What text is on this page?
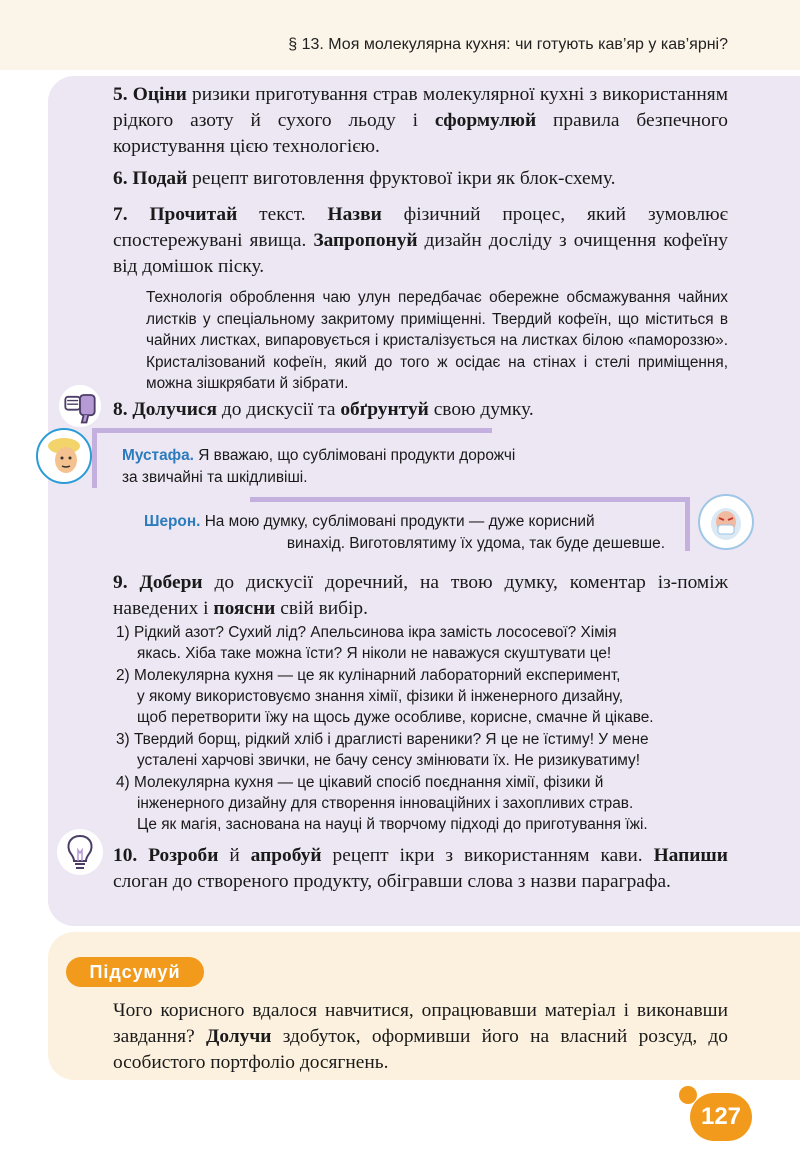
§ 13. Моя молекулярна кухня: чи готують кав’яр у кав’ярні?
5. Оціни ризики приготування страв молекулярної кухні з використанням рідкого азоту й сухого льоду і сформулюй правила безпечного користування цією технологією.
6. Подай рецепт виготовлення фруктової ікри як блок-схему.
7. Прочитай текст. Назви фізичний процес, який зумовлює спостережувані явища. Запропонуй дизайн досліду з очищення кофеїну від домішок піску.
Технологія оброблення чаю улун передбачає обережне обсмажування чайних листків у спеціальному закритому приміщенні. Твердий кофеїн, що міститься в чайних листках, випаровується і кристалізується на листках білою «памороззю». Кристалізований кофеїн, який до того ж осідає на стінах і стелі приміщення, можна зішкрябати й зібрати.
8. Долучися до дискусії та обґрунтуй свою думку.
Мустафа. Я вважаю, що сублімовані продукти дорожчі
за звичайні та шкідливіші.
Шерон. На мою думку, сублімовані продукти — дуже корисний
винахід. Виготовлятиму їх удома, так буде дешевше.
9. Добери до дискусії доречний, на твою думку, коментар із-поміж наведених і поясни свій вибір.
1) Рідкий азот? Сухий лід? Апельсинова ікра замість лососевої? Хімія
якась. Хіба таке можна їсти? Я ніколи не наважуся скуштувати це!
2) Молекулярна кухня — це як кулінарний лабораторний експеримент,
у якому використовуємо знання хімії, фізики й інженерного дизайну,
щоб перетворити їжу на щось дуже особливе, корисне, смачне й цікаве.
3) Твердий борщ, рідкий хліб і драглисті вареники? Я це не їстиму! У мене
усталені харчові звички, не бачу сенсу змінювати їх. Не ризикуватиму!
4) Молекулярна кухня — це цікавий спосіб поєднання хімії, фізики й
інженерного дизайну для створення інноваційних і захопливих страв.
Це як магія, заснована на науці й творчому підході до приготування їжі.
10. Розроби й апробуй рецепт ікри з використанням кави. Напиши слоган до створеного продукту, обігравши слова з назви параграфа.
Підсумуй
Чого корисного вдалося навчитися, опрацювавши матеріал і виконавши завдання? Долучи здобуток, оформивши його на власний розсуд, до особистого портфоліо досягнень.
127
